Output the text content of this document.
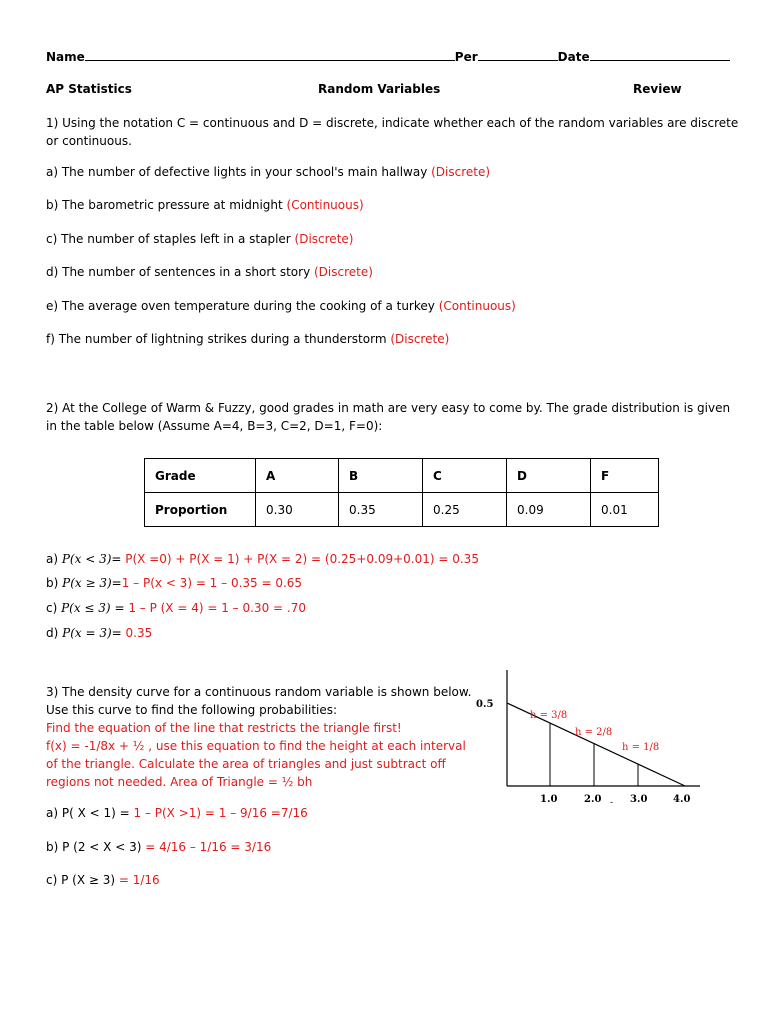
Name	Per	Date
AP Statistics	Random Variables	Review
1) Using the notation C = continuous and D = discrete, indicate whether each of the random variables are discrete
or continuous.
a) The number of defective lights in your school's main hallway (Discrete)
b) The barometric pressure at midnight (Continuous)
c) The number of staples left in a stapler (Discrete)
d) The number of sentences in a short story (Discrete)
e) The average oven temperature during the cooking of a turkey (Continuous)
f) The number of lightning strikes during a thunderstorm (Discrete)
2) At the College of Warm & Fuzzy, good grades in math are very easy to come by. The grade distribution is given
in the table below (Assume A=4, B=3, C=2, D=1, F=0):
Grade	A	B	C	D	F
Proportion	0.30	0.35	0.25	0.09	0.01
a) P(x < 3)= P(X =0) + P(X = 1) + P(X = 2) = (0.25+0.09+0.01) = 0.35
b) P(x ≥ 3)=1 – P(x < 3) = 1 – 0.35 = 0.65
c) P(x ≤ 3) = 1 – P (X = 4) = 1 – 0.30 = .70
d) P(x = 3)= 0.35
3) The density curve for a continuous random variable is shown below.
Use this curve to find the following probabilities:
Find the equation of the line that restricts the triangle first!
f(x) = -1/8x + ½ , use this equation to find the height at each interval
of the triangle. Calculate the area of triangles and just subtract off
regions not needed. Area of Triangle = ½ bh
a) P( X < 1) = 1 – P(X >1) = 1 – 9/16 =7/16
b) P (2 < X < 3) = 4/16 – 1/16 = 3/16
c) P (X ≥ 3) = 1/16
0.5
1.0	2.0	3.0	4.0
-
h = 3/8
h = 2/8
h = 1/8
